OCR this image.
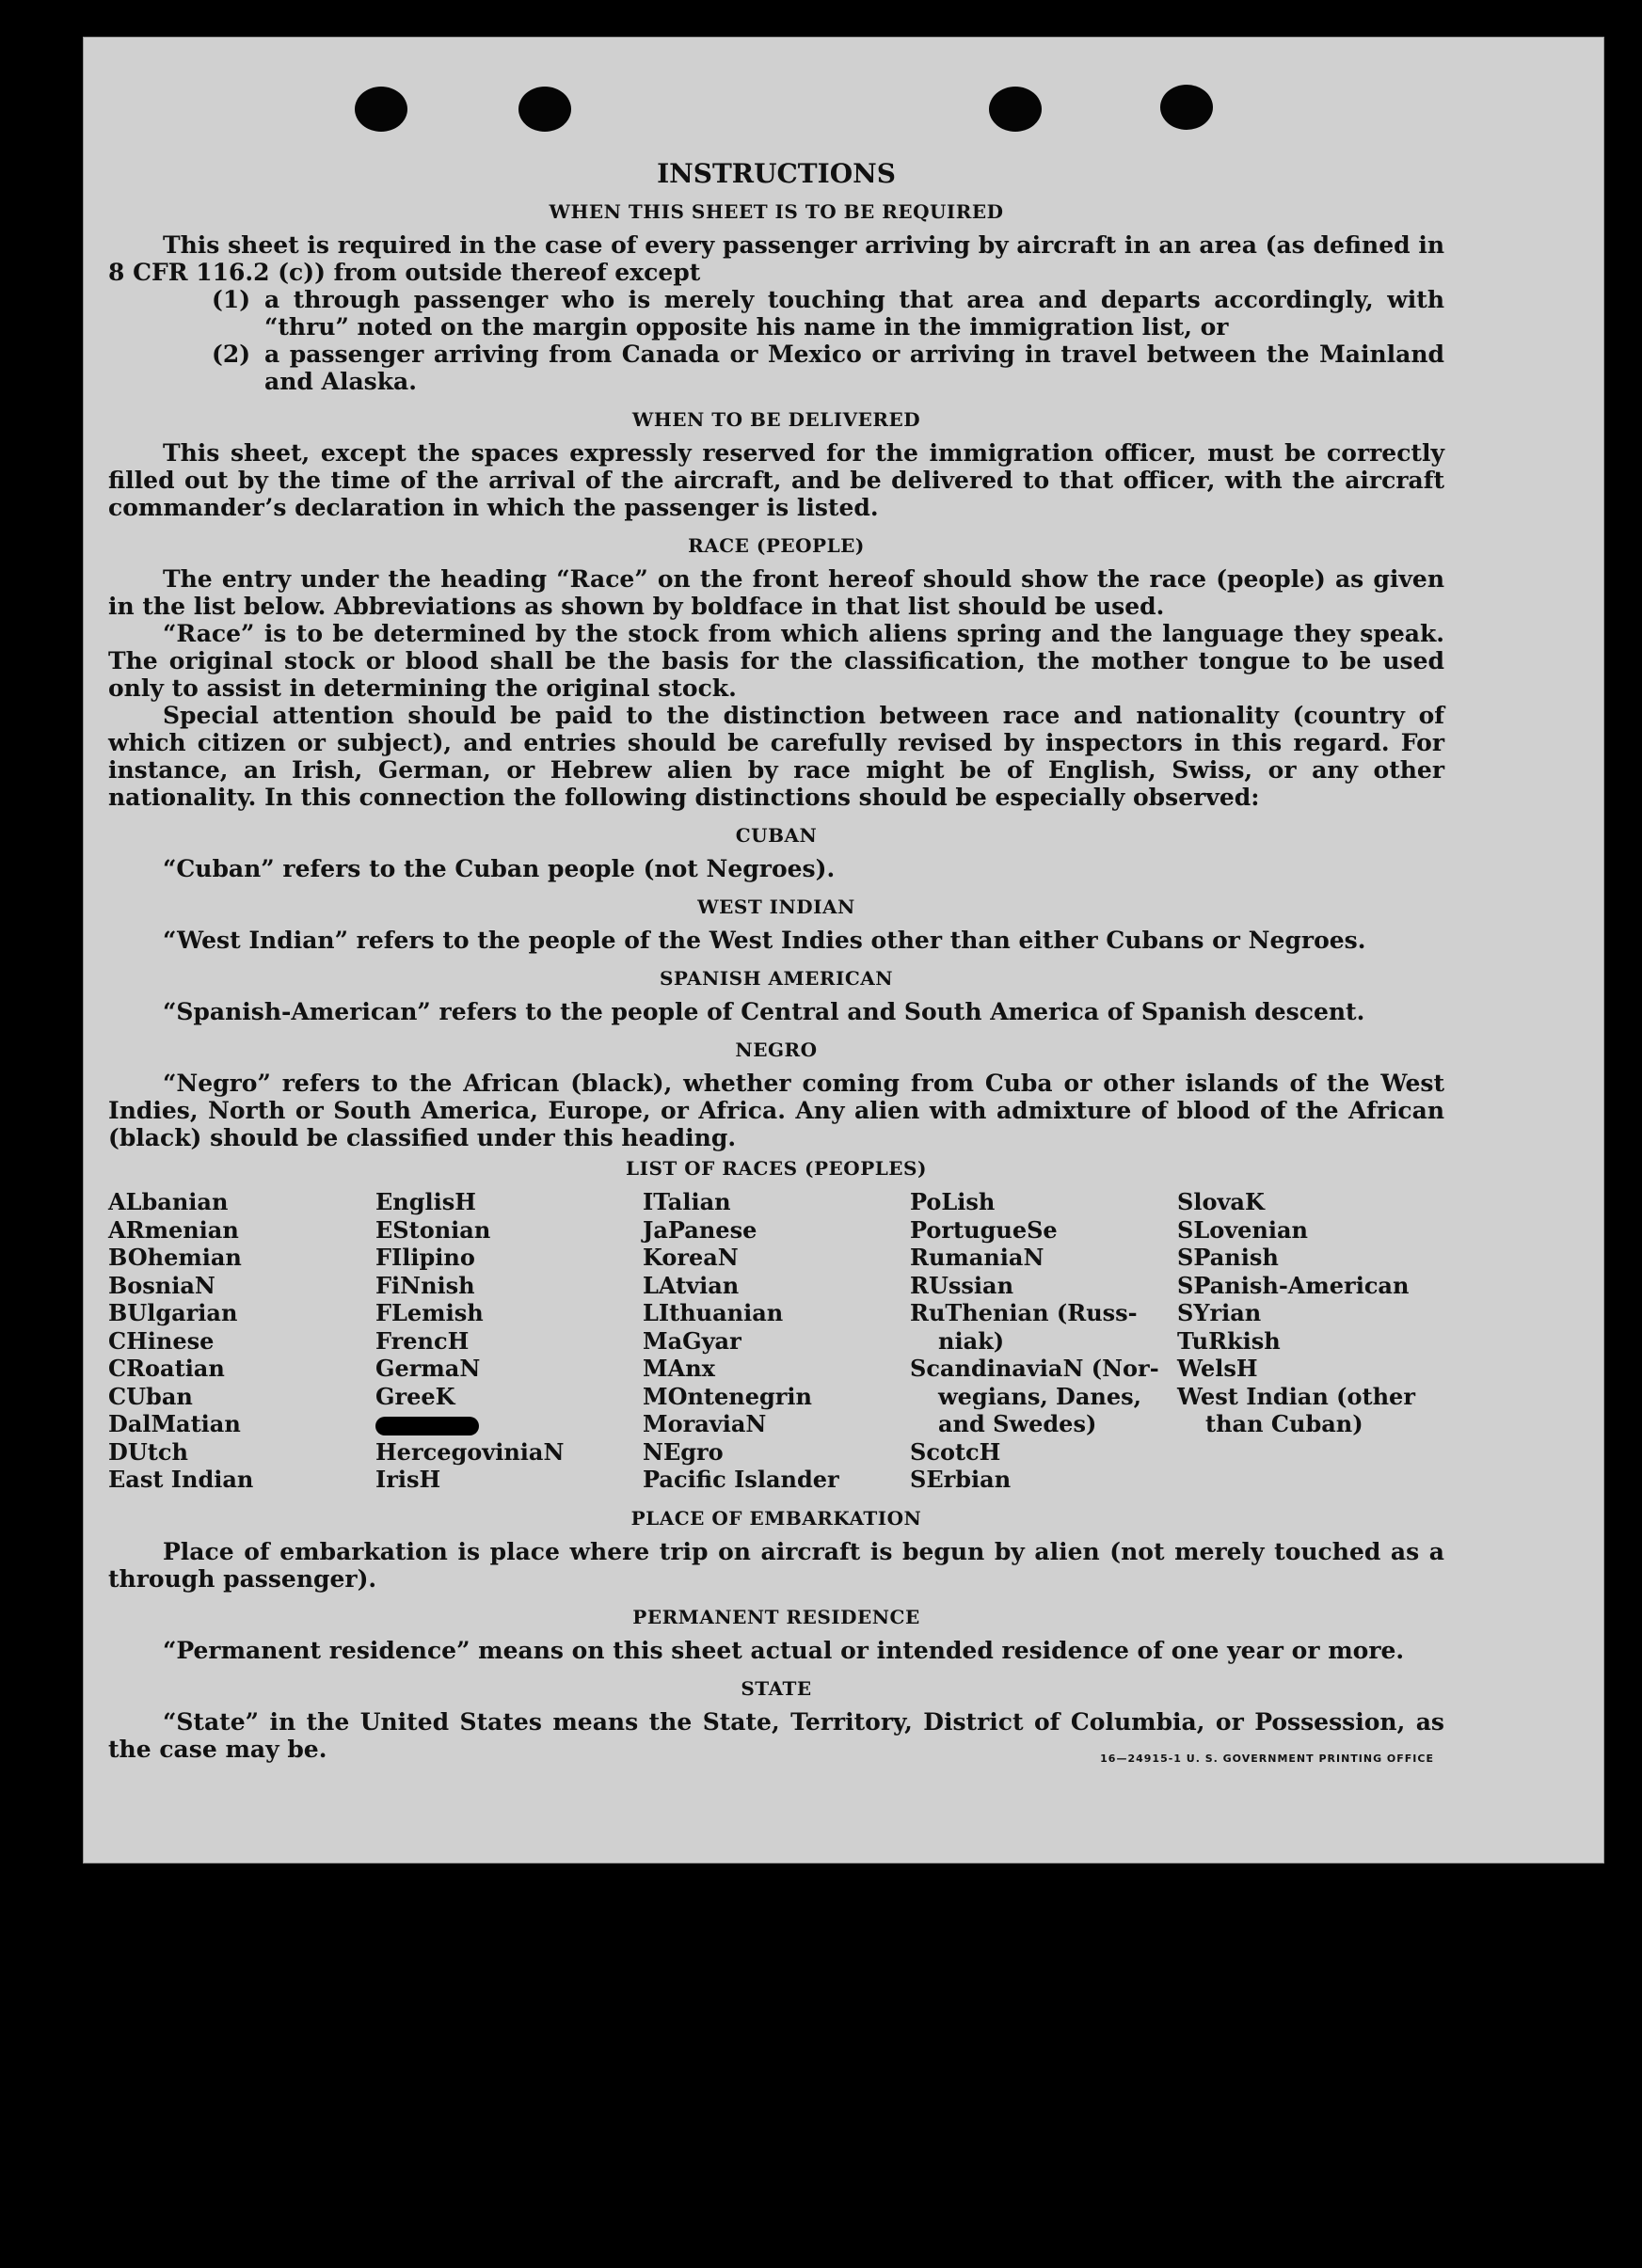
INSTRUCTIONS
WHEN THIS SHEET IS TO BE REQUIRED

This sheet is required in the case of every passenger arriving by aircraft in an area (as defined in 8 CFR 116.2 (c)) from outside thereof except

(1) a through passenger who is merely touching that area and departs accordingly, with “thru” noted on the margin opposite his name in the immigration list, or
(2) a passenger arriving from Canada or Mexico or arriving in travel between the Mainland and Alaska.
WHEN TO BE DELIVERED

This sheet, except the spaces expressly reserved for the immigration officer, must be correctly filled out by the time of the arrival of the aircraft, and be delivered to that officer, with the aircraft commander’s declaration in which the passenger is listed.

RACE (PEOPLE)

The entry under the heading “Race” on the front hereof should show the race (people) as given in the list below. Abbreviations as shown by boldface in that list should be used.

“Race” is to be determined by the stock from which aliens spring and the language they speak. The original stock or blood shall be the basis for the classification, the mother tongue to be used only to assist in determining the original stock.

Special attention should be paid to the distinction between race and nationality (country of which citizen or subject), and entries should be carefully revised by inspectors in this regard. For instance, an Irish, German, or Hebrew alien by race might be of English, Swiss, or any other nationality. In this connection the following distinctions should be especially observed:

CUBAN

“Cuban” refers to the Cuban people (not Negroes).

WEST INDIAN

“West Indian” refers to the people of the West Indies other than either Cubans or Negroes.

SPANISH AMERICAN

“Spanish-American” refers to the people of Central and South America of Spanish descent.

NEGRO

“Negro” refers to the African (black), whether coming from Cuba or other islands of the West Indies, North or South America, Europe, or Africa. Any alien with admixture of blood of the African (black) should be classified under this heading.

LIST OF RACES (PEOPLES)
ALbanian
ARmenian
BOhemian
BosniaN
BUlgarian
CHinese
CRoatian
CUban
DalMatian
DUtch
East Indian
EnglisH
EStonian
FIlipino
FiNnish
FLemish
FrencH
GermaN
GreeK
HercegoviniaN
IrisH
ITalian
JaPanese
KoreaN
LAtvian
LIthuanian
MaGyar
MAnx
MOntenegrin
MoraviaN
NEgro
Pacific Islander
PoLish
PortugueSe
RumaniaN
RUssian
RuThenian (Russ-
niak)
ScandinaviaN (Nor-
wegians, Danes,
and Swedes)
ScotcH
SErbian
SlovaK
SLovenian
SPanish
SPanish-American
SYrian
TuRkish
WelsH
West Indian (other
than Cuban)
PLACE OF EMBARKATION

Place of embarkation is place where trip on aircraft is begun by alien (not merely touched as a through passenger).

PERMANENT RESIDENCE

“Permanent residence” means on this sheet actual or intended residence of one year or more.

STATE

“State” in the United States means the State, Territory, District of Columbia, or Possession, as the case may be.	16—24915-1 U. S. GOVERNMENT PRINTING OFFICE
